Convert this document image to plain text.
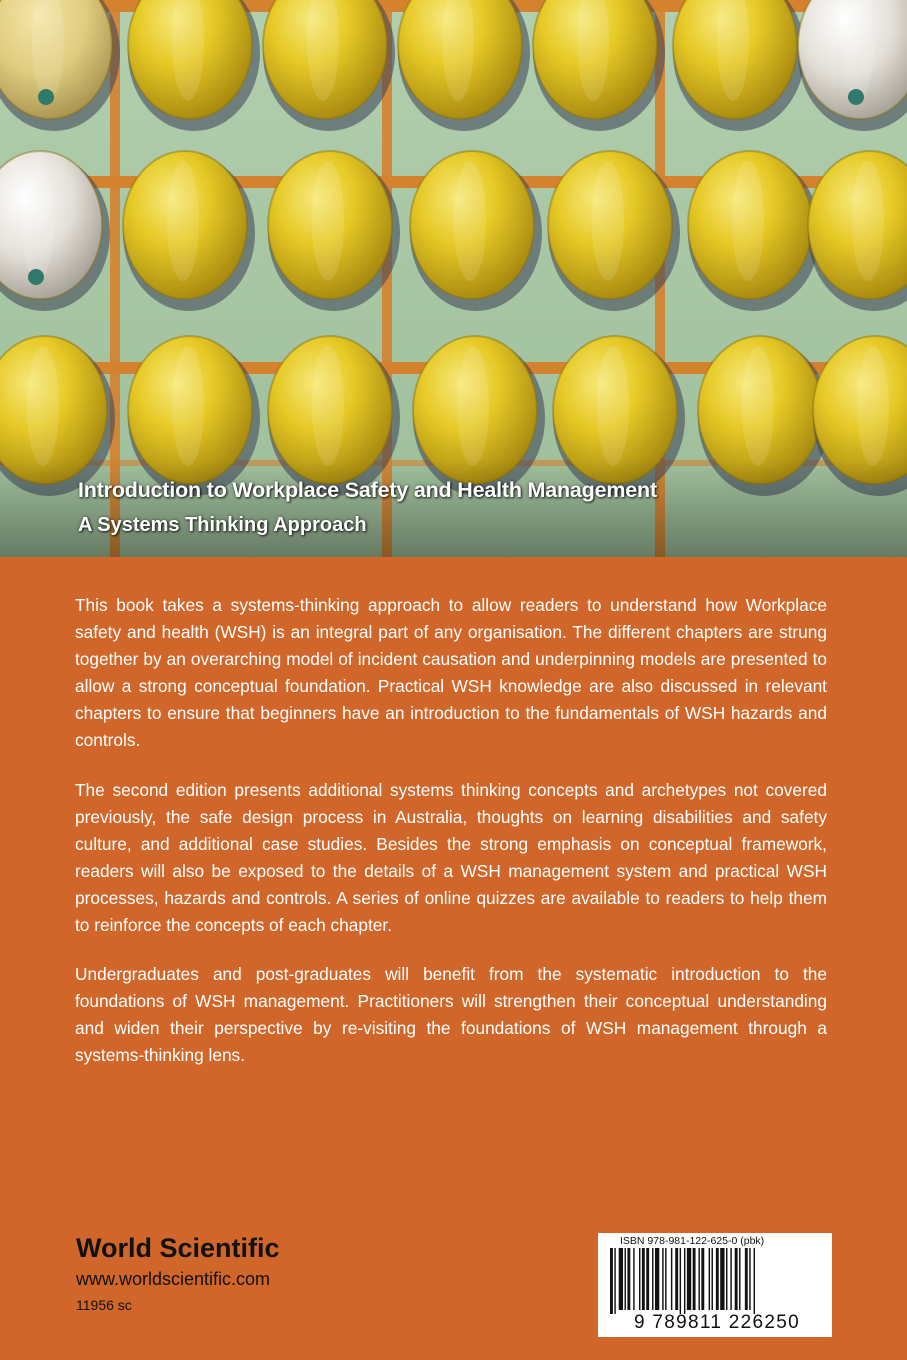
Introduction to Workplace Safety and Health Management
A Systems Thinking Approach

This book takes a systems-thinking approach to allow readers to understand how Workplace safety and health (WSH) is an integral part of any organisation. The different chapters are strung together by an overarching model of incident causation and underpinning models are presented to allow a strong conceptual foundation. Practical WSH knowledge are also discussed in relevant chapters to ensure that beginners have an introduction to the fundamentals of WSH hazards and controls.

The second edition presents additional systems thinking concepts and archetypes not covered previously, the safe design process in Australia, thoughts on learning disabilities and safety culture, and additional case studies. Besides the strong emphasis on conceptual framework, readers will also be exposed to the details of a WSH management system and practical WSH processes, hazards and controls. A series of online quizzes are available to readers to help them to reinforce the concepts of each chapter.

Undergraduates and post-graduates will benefit from the systematic introduction to the foundations of WSH management. Practitioners will strengthen their conceptual understanding and widen their perspective by re-visiting the foundations of WSH management through a systems-thinking lens.

World Scientific
www.worldscientific.com
11956 sc
ISBN 978-981-122-625-0 (pbk)
9 789811 226250
